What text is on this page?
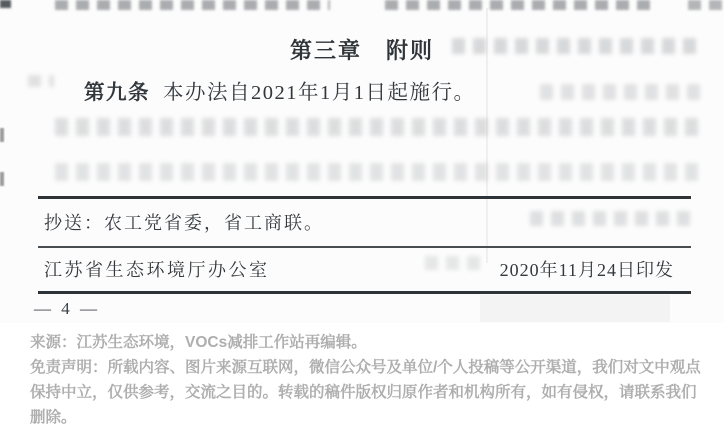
第三章　附则
第九条 本办法自2021年1月1日起施行。
抄送：农工党省委，省工商联。
江苏省生态环境厅办公室	2020年11月24日印发
— 4 —
来源：江苏生态环境，VOCs减排工作站再编辑。
免责声明：所载内容、图片来源互联网，微信公众号及单位/个人投稿等公开渠道，我们对文中观点
保持中立，仅供参考，交流之目的。转载的稿件版权归原作者和机构所有，如有侵权，请联系我们
删除。
